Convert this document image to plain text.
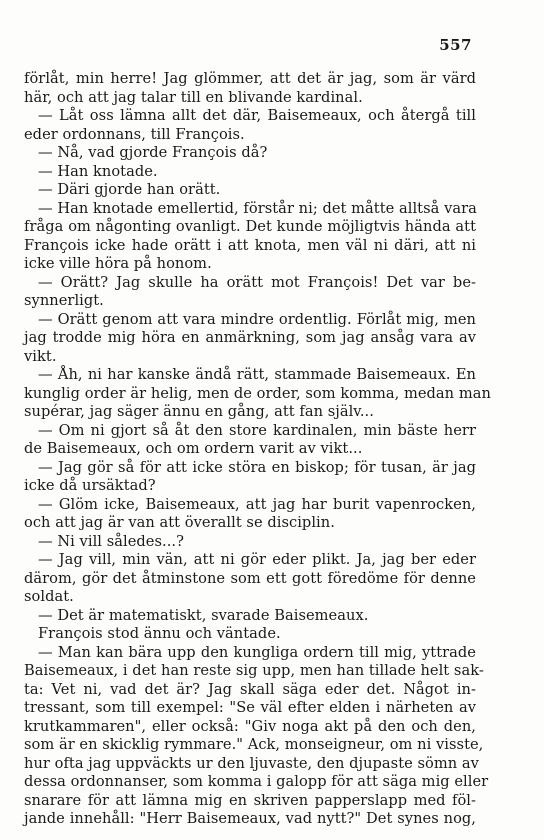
557
förlåt, min herre! Jag glömmer, att det är jag, som är värd
här, och att jag talar till en blivande kardinal.
— Låt oss lämna allt det där, Baisemeaux, och återgå till
eder ordonnans, till François.
— Nå, vad gjorde François då?
— Han knotade.
— Däri gjorde han orätt.
— Han knotade emellertid, förstår ni; det måtte alltså vara
fråga om någonting ovanligt. Det kunde möjligtvis hända att
François icke hade orätt i att knota, men väl ni däri, att ni
icke ville höra på honom.
— Orätt? Jag skulle ha orätt mot François! Det var be-
synnerligt.
— Orätt genom att vara mindre ordentlig. Förlåt mig, men
jag trodde mig höra en anmärkning, som jag ansåg vara av
vikt.
— Åh, ni har kanske ändå rätt, stammade Baisemeaux. En
kunglig order är helig, men de order, som komma, medan man
supérar, jag säger ännu en gång, att fan själv...
— Om ni gjort så åt den store kardinalen, min bäste herr
de Baisemeaux, och om ordern varit av vikt...
— Jag gör så för att icke störa en biskop; för tusan, är jag
icke då ursäktad?
— Glöm icke, Baisemeaux, att jag har burit vapenrocken,
och att jag är van att överallt se disciplin.
— Ni vill således...?
— Jag vill, min vän, att ni gör eder plikt. Ja, jag ber eder
därom, gör det åtminstone som ett gott föredöme för denne
soldat.
— Det är matematiskt, svarade Baisemeaux.
François stod ännu och väntade.
— Man kan bära upp den kungliga ordern till mig, yttrade
Baisemeaux, i det han reste sig upp, men han tillade helt sak-
ta: Vet ni, vad det är? Jag skall säga eder det. Något in-
tressant, som till exempel: "Se väl efter elden i närheten av
krutkammaren", eller också: "Giv noga akt på den och den,
som är en skicklig rymmare." Ack, monseigneur, om ni visste,
hur ofta jag uppväckts ur den ljuvaste, den djupaste sömn av
dessa ordonnanser, som komma i galopp för att säga mig eller
snarare för att lämna mig en skriven papperslapp med föl-
jande innehåll: "Herr Baisemeaux, vad nytt?" Det synes nog,
